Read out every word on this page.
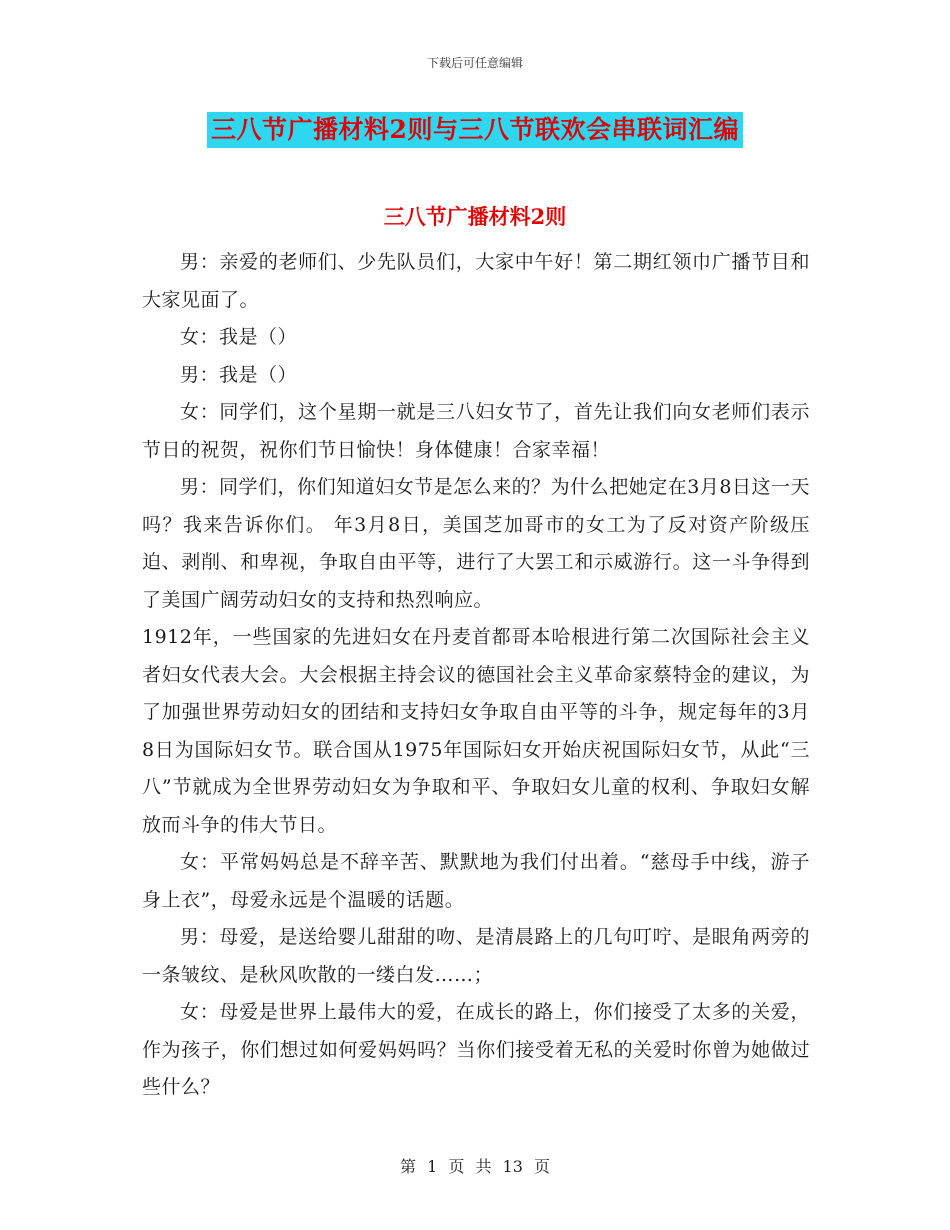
下载后可任意编辑
三八节广播材料2则与三八节联欢会串联词汇编
三八节广播材料2则

男：亲爱的老师们、少先队员们，大家中午好！第二期红领巾广播节目和大家见面了。

女：我是（）

男：我是（）

女：同学们，这个星期一就是三八妇女节了，首先让我们向女老师们表示节日的祝贺，祝你们节日愉快！身体健康！合家幸福！

男：同学们，你们知道妇女节是怎么来的？为什么把她定在3月8日这一天吗？我来告诉你们。 年3月8日，美国芝加哥市的女工为了反对资产阶级压迫、剥削、和卑视，争取自由平等，进行了大罢工和示威游行。这一斗争得到了美国广阔劳动妇女的支持和热烈响应。

1912年，一些国家的先进妇女在丹麦首都哥本哈根进行第二次国际社会主义者妇女代表大会。大会根据主持会议的德国社会主义革命家蔡特金的建议，为了加强世界劳动妇女的团结和支持妇女争取自由平等的斗争，规定每年的3月8日为国际妇女节。联合国从1975年国际妇女开始庆祝国际妇女节，从此“三八”节就成为全世界劳动妇女为争取和平、争取妇女儿童的权利、争取妇女解放而斗争的伟大节日。

女：平常妈妈总是不辞辛苦、默默地为我们付出着。“慈母手中线，游子身上衣”，母爱永远是个温暖的话题。

男：母爱，是送给婴儿甜甜的吻、是清晨路上的几句叮咛、是眼角两旁的一条皱纹、是秋风吹散的一缕白发……；

女：母爱是世界上最伟大的爱，在成长的路上，你们接受了太多的关爱，作为孩子，你们想过如何爱妈妈吗？当你们接受着无私的关爱时你曾为她做过些什么？

第 1 页 共 13 页
